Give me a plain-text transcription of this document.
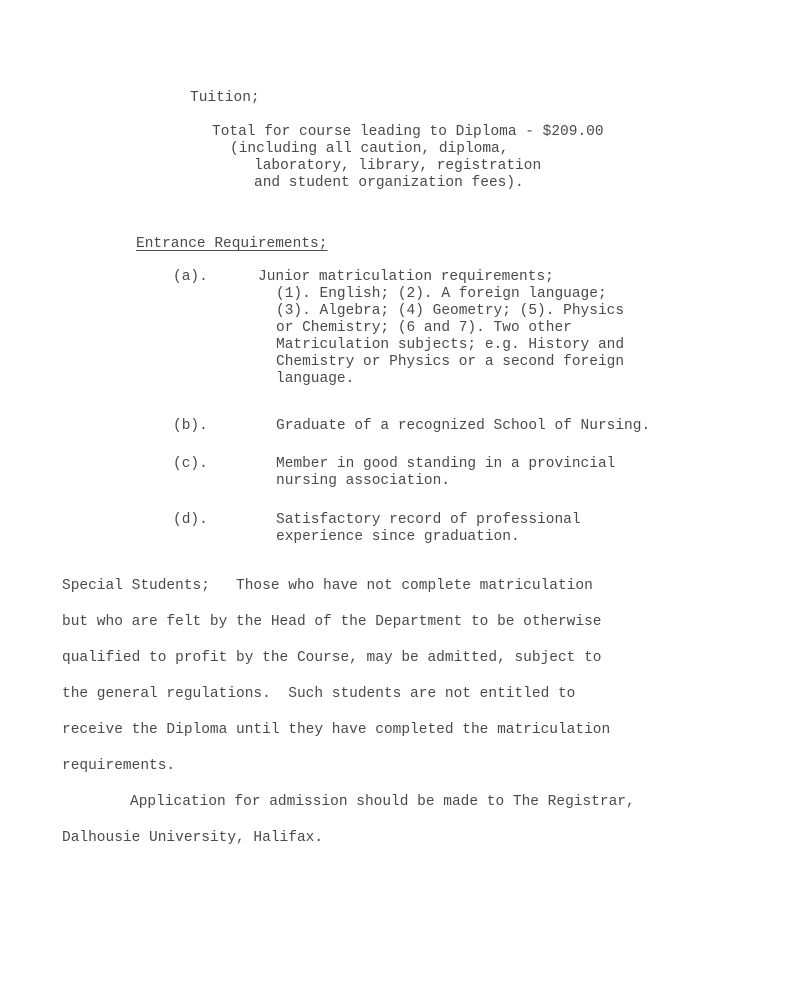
Tuition;
Total for course leading to Diploma - $209.00
(including all caution, diploma,
laboratory, library, registration
and student organization fees).
Entrance Requirements;
(a).	Junior matriculation requirements;
(1). English; (2). A foreign language;
(3). Algebra; (4) Geometry; (5). Physics
or Chemistry; (6 and 7). Two other
Matriculation subjects; e.g. History and
Chemistry or Physics or a second foreign
language.
(b).	Graduate of a recognized School of Nursing.
(c).	Member in good standing in a provincial
nursing association.
(d).	Satisfactory record of professional
experience since graduation.
Special Students;   Those who have not complete matriculation
but who are felt by the Head of the Department to be otherwise
qualified to profit by the Course, may be admitted, subject to
the general regulations.  Such students are not entitled to
receive the Diploma until they have completed the matriculation
requirements.
Application for admission should be made to The Registrar,
Dalhousie University, Halifax.
